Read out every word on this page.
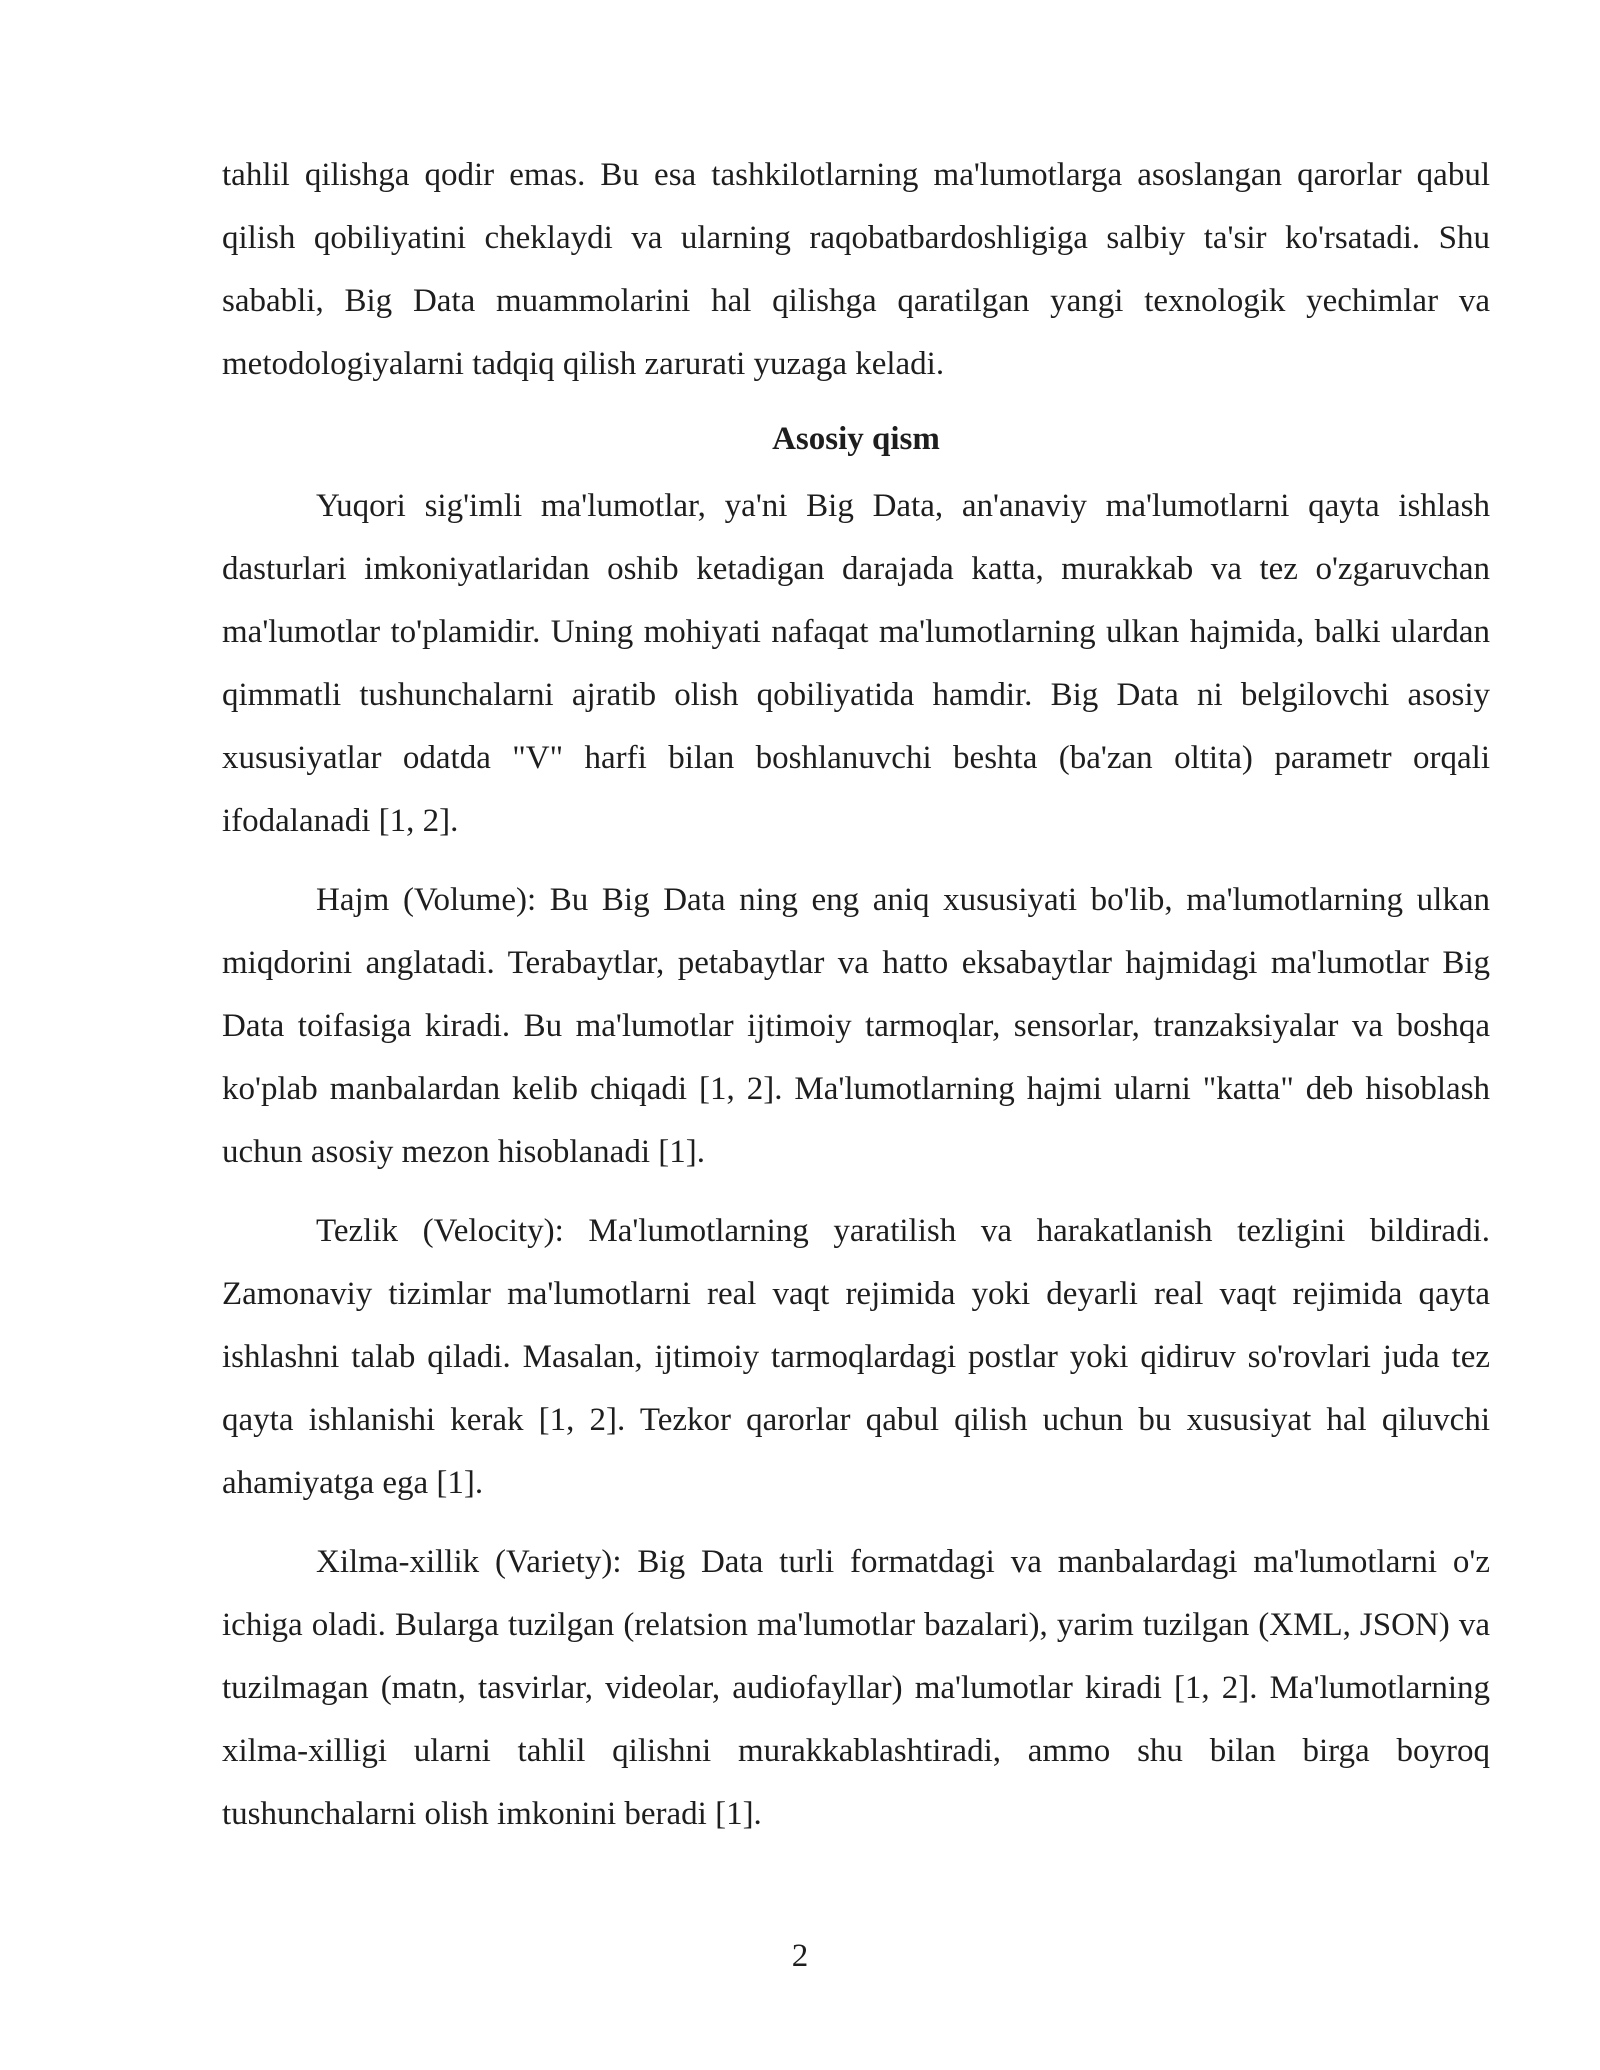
tahlil qilishga qodir emas. Bu esa tashkilotlarning ma'lumotlarga asoslangan qarorlar qabul qilish qobiliyatini cheklaydi va ularning raqobatbardoshligiga salbiy ta'sir ko'rsatadi. Shu sababli, Big Data muammolarini hal qilishga qaratilgan yangi texnologik yechimlar va metodologiyalarni tadqiq qilish zarurati yuzaga keladi.

Asosiy qism

Yuqori sig'imli ma'lumotlar, ya'ni Big Data, an'anaviy ma'lumotlarni qayta ishlash dasturlari imkoniyatlaridan oshib ketadigan darajada katta, murakkab va tez o'zgaruvchan ma'lumotlar to'plamidir. Uning mohiyati nafaqat ma'lumotlarning ulkan hajmida, balki ulardan qimmatli tushunchalarni ajratib olish qobiliyatida hamdir. Big Data ni belgilovchi asosiy xususiyatlar odatda "V" harfi bilan boshlanuvchi beshta (ba'zan oltita) parametr orqali ifodalanadi [1, 2].

Hajm (Volume): Bu Big Data ning eng aniq xususiyati bo'lib, ma'lumotlarning ulkan miqdorini anglatadi. Terabaytlar, petabaytlar va hatto eksabaytlar hajmidagi ma'lumotlar Big Data toifasiga kiradi. Bu ma'lumotlar ijtimoiy tarmoqlar, sensorlar, tranzaksiyalar va boshqa ko'plab manbalardan kelib chiqadi [1, 2]. Ma'lumotlarning hajmi ularni "katta" deb hisoblash uchun asosiy mezon hisoblanadi [1].

Tezlik (Velocity): Ma'lumotlarning yaratilish va harakatlanish tezligini bildiradi. Zamonaviy tizimlar ma'lumotlarni real vaqt rejimida yoki deyarli real vaqt rejimida qayta ishlashni talab qiladi. Masalan, ijtimoiy tarmoqlardagi postlar yoki qidiruv so'rovlari juda tez qayta ishlanishi kerak [1, 2]. Tezkor qarorlar qabul qilish uchun bu xususiyat hal qiluvchi ahamiyatga ega [1].

Xilma-xillik (Variety): Big Data turli formatdagi va manbalardagi ma'lumotlarni o'z ichiga oladi. Bularga tuzilgan (relatsion ma'lumotlar bazalari), yarim tuzilgan (XML, JSON) va tuzilmagan (matn, tasvirlar, videolar, audiofayllar) ma'lumotlar kiradi [1, 2]. Ma'lumotlarning xilma-xilligi ularni tahlil qilishni murakkablashtiradi, ammo shu bilan birga boyroq tushunchalarni olish imkonini beradi [1].

2
